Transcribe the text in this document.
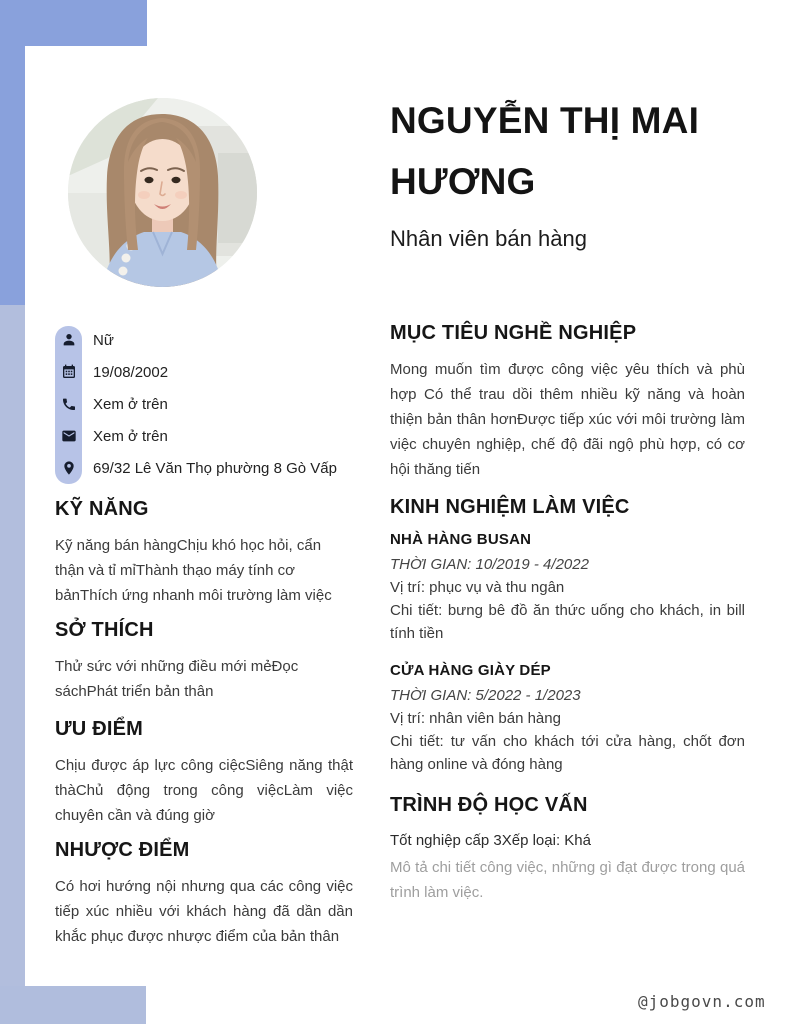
NGUYỄN THỊ MAI HƯƠNG
Nhân viên bán hàng
Nữ
19/08/2002
Xem ở trên
Xem ở trên
69/32 Lê Văn Thọ phường 8 Gò Vấp
KỸ NĂNG

Kỹ năng bán hàngChịu khó học hỏi, cẩn thận và tỉ mỉThành thạo máy tính cơ bảnThích ứng nhanh môi trường làm việc

SỞ THÍCH

Thử sức với những điều mới mẻĐọc sáchPhát triển bản thân

ƯU ĐIỂM

Chịu được áp lực công ciệcSiêng năng thật thàChủ động trong công việcLàm việc chuyên cần và đúng giờ

NHƯỢC ĐIỂM

Có hơi hướng nội nhưng qua các công việc tiếp xúc nhiều với khách hàng đã dần dần khắc phục được nhược điểm của bản thân

MỤC TIÊU NGHỀ NGHIỆP

Mong muốn tìm được công việc yêu thích và phù hợp Có thể trau dồi thêm nhiều kỹ năng và hoàn thiện bản thân hơnĐược tiếp xúc với môi trường làm việc chuyên nghiệp, chế độ đãi ngộ phù hợp, có cơ hội thăng tiến

KINH NGHIỆM LÀM VIỆC
NHÀ HÀNG BUSAN

THỜI GIAN: 10/2019 - 4/2022

Vị trí: phục vụ và thu ngân

Chi tiết: bưng bê đồ ăn thức uống cho khách, in bill tính tiền

CỬA HÀNG GIÀY DÉP

THỜI GIAN: 5/2022 - 1/2023

Vị trí: nhân viên bán hàng

Chi tiết: tư vấn cho khách tới cửa hàng, chốt đơn hàng online và đóng hàng

TRÌNH ĐỘ HỌC VẤN

Tốt nghiệp cấp 3Xếp loại: Khá

Mô tả chi tiết công việc, những gì đạt được trong quá trình làm việc.

@jobgovn.com
